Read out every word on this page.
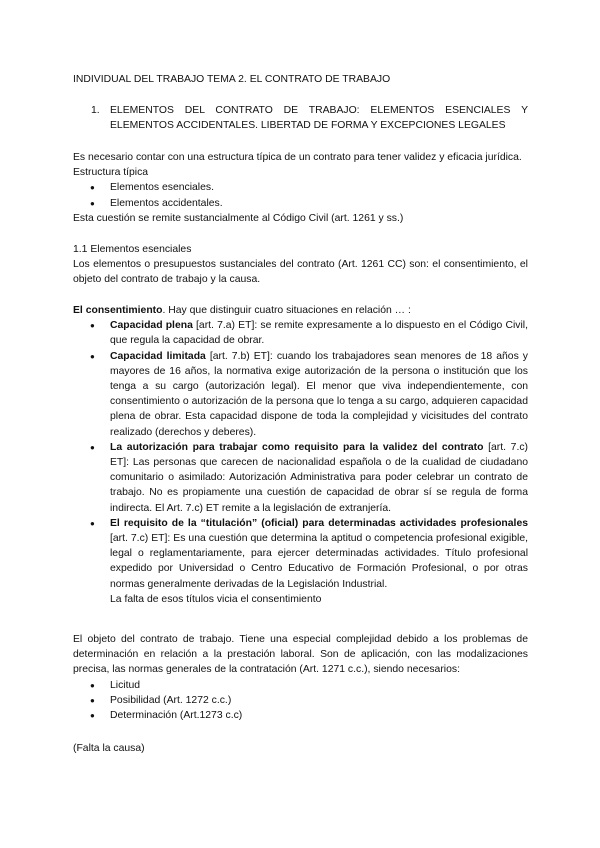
INDIVIDUAL DEL TRABAJO TEMA 2. EL CONTRATO DE TRABAJO

1. ELEMENTOS DEL CONTRATO DE TRABAJO: ELEMENTOS ESENCIALES Y ELEMENTOS ACCIDENTALES. LIBERTAD DE FORMA Y EXCEPCIONES LEGALES
Es necesario contar con una estructura típica de un contrato para tener validez y eficacia jurídica.
Estructura típica
● Elementos esenciales.
● Elementos accidentales.
Esta cuestión se remite sustancialmente al Código Civil (art. 1261 y ss.)
1.1 Elementos esenciales
Los elementos o presupuestos sustanciales del contrato (Art. 1261 CC) son: el consentimiento, el objeto del contrato de trabajo y la causa.
El consentimiento. Hay que distinguir cuatro situaciones en relación … :
● Capacidad plena [art. 7.a) ET]: se remite expresamente a lo dispuesto en el Código Civil, que regula la capacidad de obrar.
● Capacidad limitada [art. 7.b) ET]: cuando los trabajadores sean menores de 18 años y mayores de 16 años, la normativa exige autorización de la persona o institución que los tenga a su cargo (autorización legal). El menor que viva independientemente, con consentimiento o autorización de la persona que lo tenga a su cargo, adquieren capacidad plena de obrar. Esta capacidad dispone de toda la complejidad y vicisitudes del contrato realizado (derechos y deberes).
● La autorización para trabajar como requisito para la validez del contrato [art. 7.c) ET]: Las personas que carecen de nacionalidad española o de la cualidad de ciudadano comunitario o asimilado: Autorización Administrativa para poder celebrar un contrato de trabajo. No es propiamente una cuestión de capacidad de obrar sí se regula de forma indirecta. El Art. 7.c) ET remite a la legislación de extranjería.
● El requisito de la “titulación” (oficial) para determinadas actividades profesionales [art. 7.c) ET]: Es una cuestión que determina la aptitud o competencia profesional exigible, legal o reglamentariamente, para ejercer determinadas actividades. Título profesional expedido por Universidad o Centro Educativo de Formación Profesional, o por otras normas generalmente derivadas de la Legislación Industrial.
La falta de esos títulos vicia el consentimiento
El objeto del contrato de trabajo. Tiene una especial complejidad debido a los problemas de determinación en relación a la prestación laboral. Son de aplicación, con las modalizaciones precisa, las normas generales de la contratación (Art. 1271 c.c.), siendo necesarios:
● Licitud
● Posibilidad (Art. 1272 c.c.)
● Determinación (Art.1273 c.c)

(Falta la causa)
